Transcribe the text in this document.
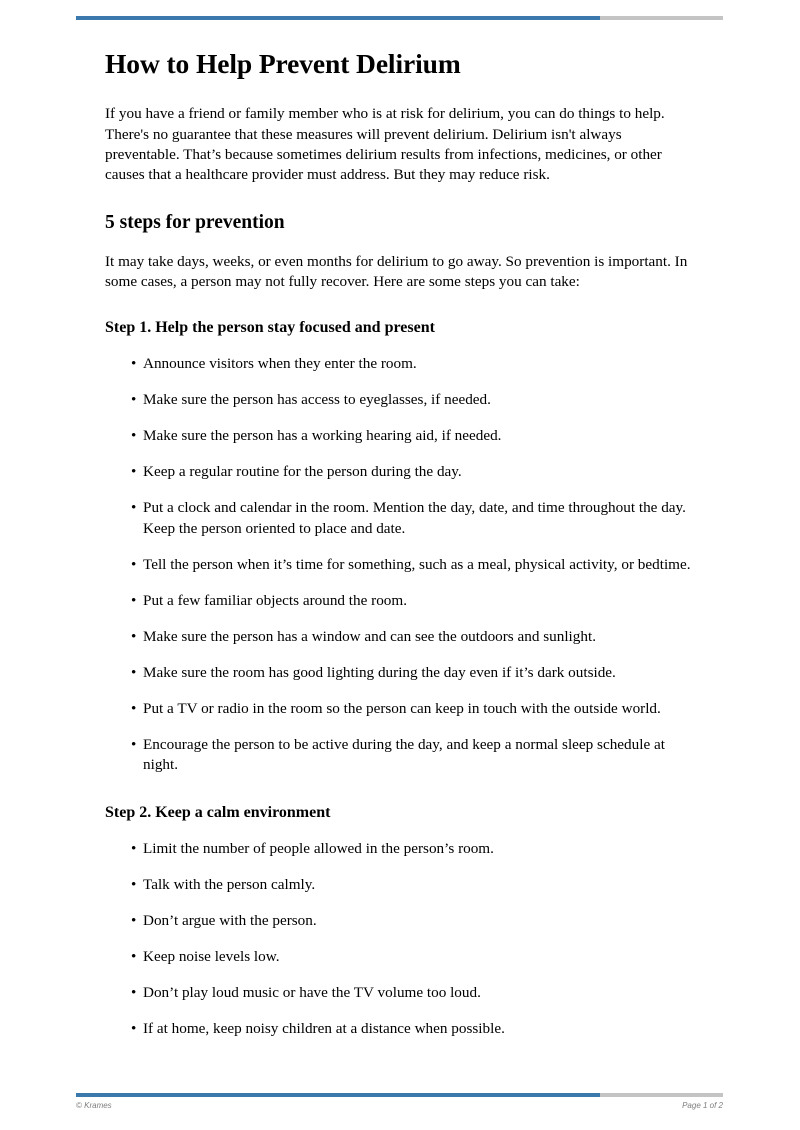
How to Help Prevent Delirium

If you have a friend or family member who is at risk for delirium, you can do things to help. There's no guarantee that these measures will prevent delirium. Delirium isn't always preventable. That’s because sometimes delirium results from infections, medicines, or other causes that a healthcare provider must address. But they may reduce risk.

5 steps for prevention

It may take days, weeks, or even months for delirium to go away. So prevention is important. In some cases, a person may not fully recover. Here are some steps you can take:

Step 1. Help the person stay focused and present
• Announce visitors when they enter the room.
• Make sure the person has access to eyeglasses, if needed.
• Make sure the person has a working hearing aid, if needed.
• Keep a regular routine for the person during the day.
• Put a clock and calendar in the room. Mention the day, date, and time throughout the day. Keep the person oriented to place and date.
• Tell the person when it’s time for something, such as a meal, physical activity, or bedtime.
• Put a few familiar objects around the room.
• Make sure the person has a window and can see the outdoors and sunlight.
• Make sure the room has good lighting during the day even if it’s dark outside.
• Put a TV or radio in the room so the person can keep in touch with the outside world.
• Encourage the person to be active during the day, and keep a normal sleep schedule at night.
Step 2. Keep a calm environment
• Limit the number of people allowed in the person’s room.
• Talk with the person calmly.
• Don’t argue with the person.
• Keep noise levels low.
• Don’t play loud music or have the TV volume too loud.
• If at home, keep noisy children at a distance when possible.
© Krames	Page 1 of 2
